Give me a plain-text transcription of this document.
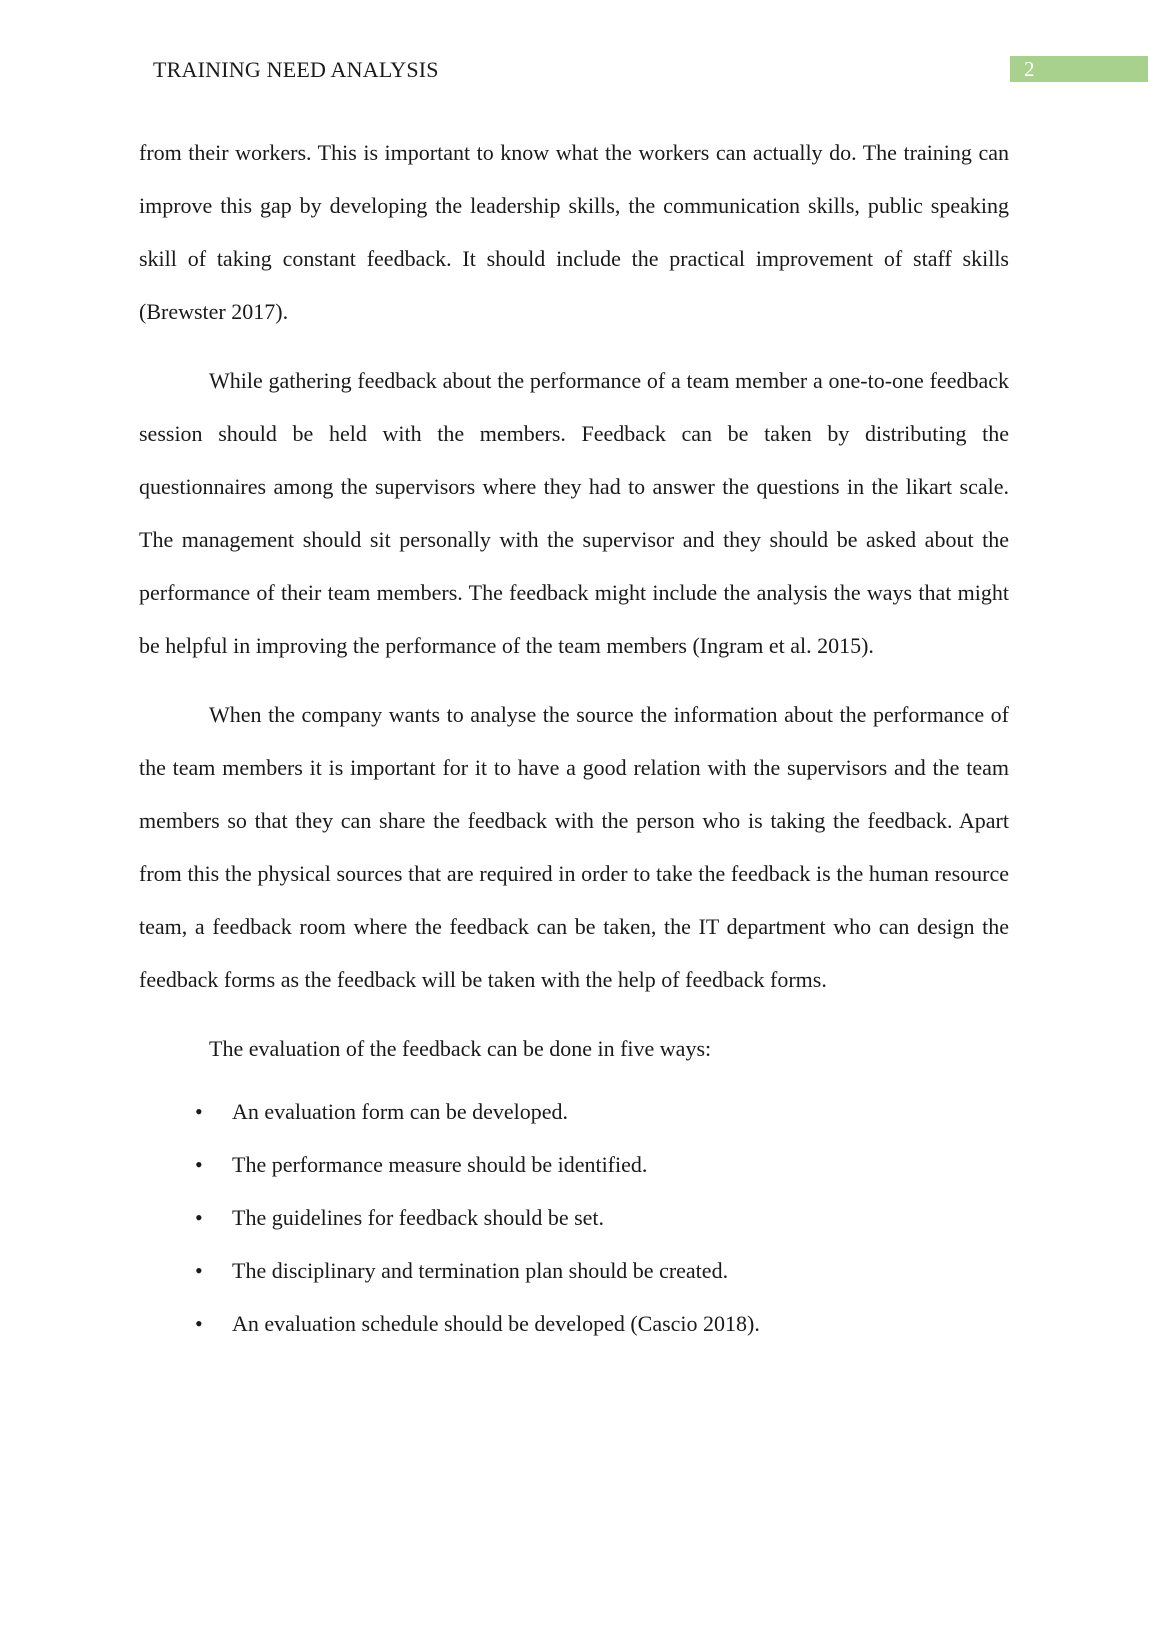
TRAINING NEED ANALYSIS	2

from their workers. This is important to know what the workers can actually do. The training can improve this gap by developing the leadership skills, the communication skills, public speaking skill of taking constant feedback. It should include the practical improvement of staff skills (Brewster 2017).

While gathering feedback about the performance of a team member a one-to-one feedback session should be held with the members. Feedback can be taken by distributing the questionnaires among the supervisors where they had to answer the questions in the likart scale. The management should sit personally with the supervisor and they should be asked about the performance of their team members. The feedback might include the analysis the ways that might be helpful in improving the performance of the team members (Ingram et al. 2015).

When the company wants to analyse the source the information about the performance of the team members it is important for it to have a good relation with the supervisors and the team members so that they can share the feedback with the person who is taking the feedback. Apart from this the physical sources that are required in order to take the feedback is the human resource team, a feedback room where the feedback can be taken, the IT department who can design the feedback forms as the feedback will be taken with the help of feedback forms.

The evaluation of the feedback can be done in five ways:

• An evaluation form can be developed.
• The performance measure should be identified.
• The guidelines for feedback should be set.
• The disciplinary and termination plan should be created.
• An evaluation schedule should be developed (Cascio 2018).
